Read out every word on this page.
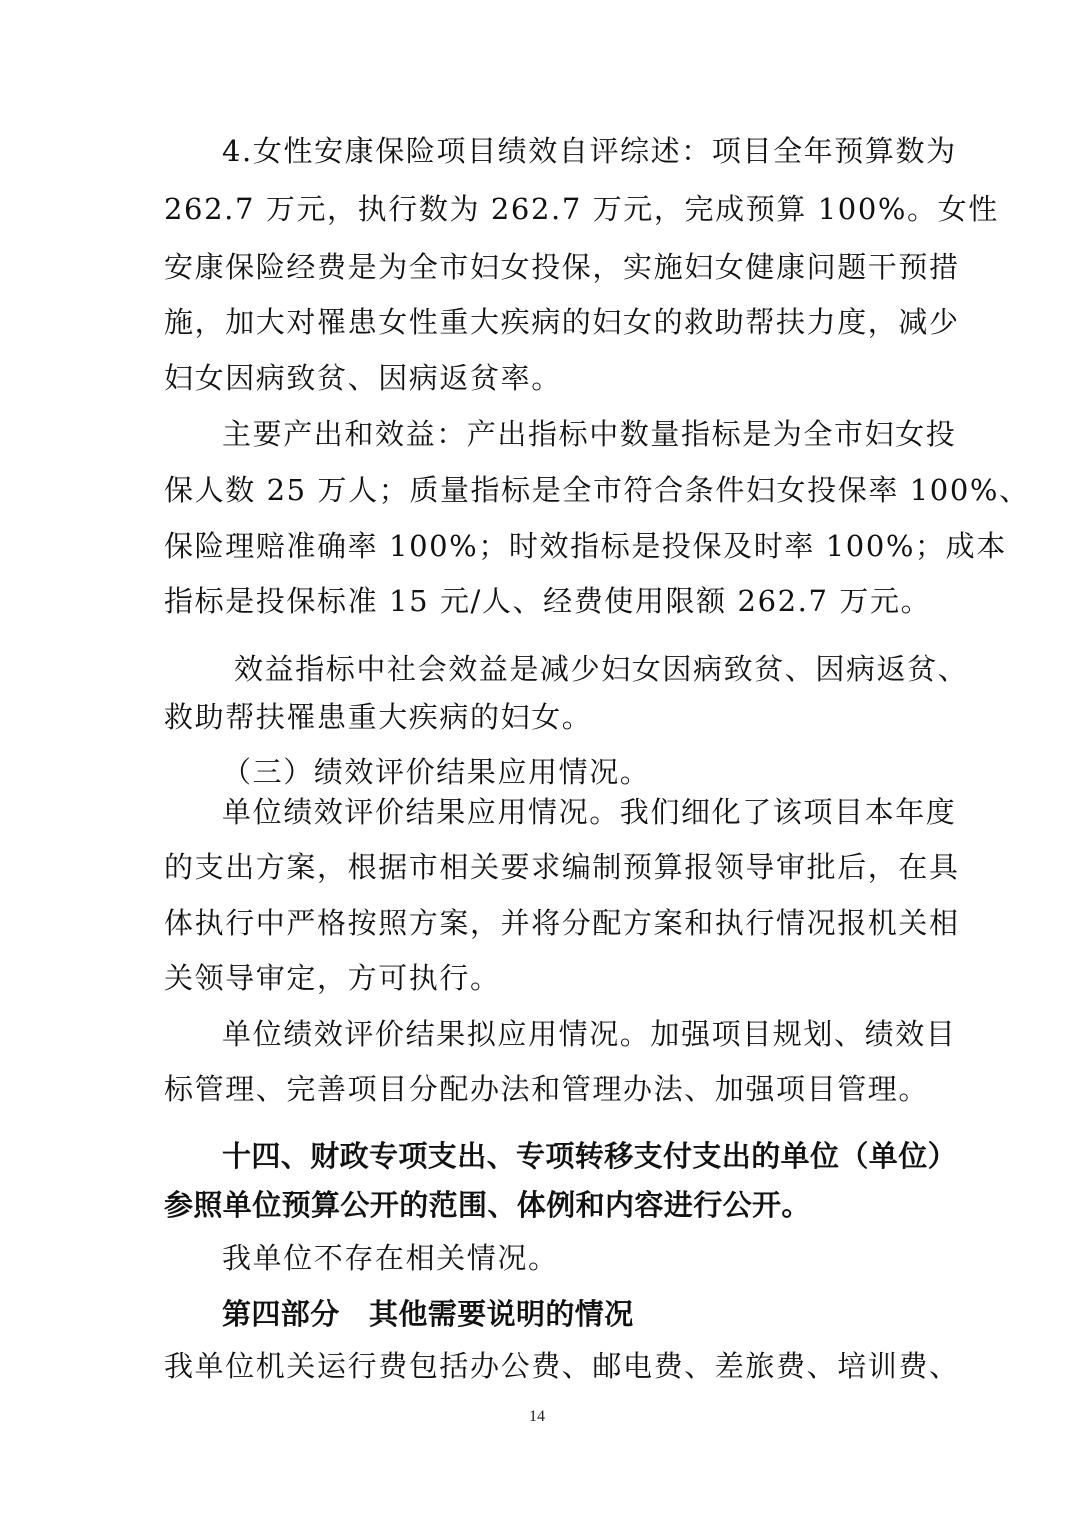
4.女性安康保险项目绩效自评综述：项目全年预算数为
262.7 万元，执行数为 262.7 万元，完成预算 100%。女性
安康保险经费是为全市妇女投保，实施妇女健康问题干预措
施，加大对罹患女性重大疾病的妇女的救助帮扶力度，减少
妇女因病致贫、因病返贫率。
主要产出和效益：产出指标中数量指标是为全市妇女投
保人数 25 万人；质量指标是全市符合条件妇女投保率 100%、
保险理赔准确率 100%；时效指标是投保及时率 100%；成本
指标是投保标准 15 元/人、经费使用限额 262.7 万元。
效益指标中社会效益是减少妇女因病致贫、因病返贫、
救助帮扶罹患重大疾病的妇女。
（三）绩效评价结果应用情况。
单位绩效评价结果应用情况。我们细化了该项目本年度
的支出方案，根据市相关要求编制预算报领导审批后，在具
体执行中严格按照方案，并将分配方案和执行情况报机关相
关领导审定，方可执行。
单位绩效评价结果拟应用情况。加强项目规划、绩效目
标管理、完善项目分配办法和管理办法、加强项目管理。
十四、财政专项支出、专项转移支付支出的单位（单位）
参照单位预算公开的范围、体例和内容进行公开。
我单位不存在相关情况。
第四部分　其他需要说明的情况
我单位机关运行费包括办公费、邮电费、差旅费、培训费、
14
